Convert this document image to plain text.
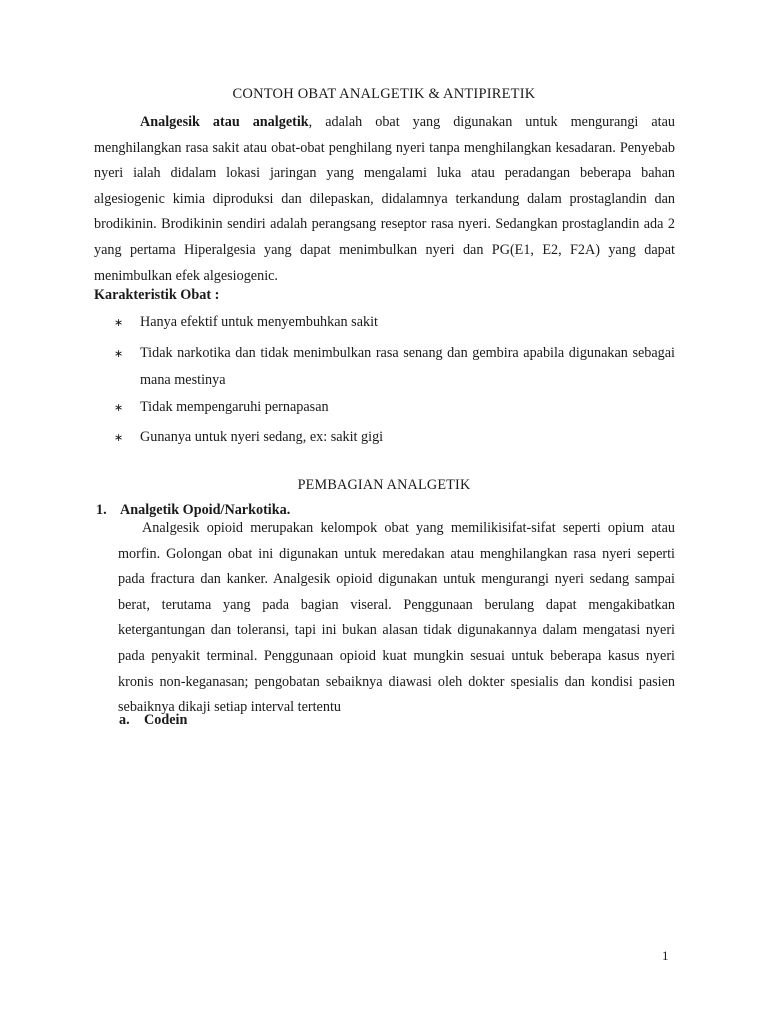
CONTOH OBAT ANALGETIK & ANTIPIRETIK

Analgesik atau analgetik, adalah obat yang digunakan untuk mengurangi atau menghilangkan rasa sakit atau obat-obat penghilang nyeri tanpa menghilangkan kesadaran. Penyebab nyeri ialah didalam lokasi jaringan yang mengalami luka atau peradangan beberapa bahan algesiogenic kimia diproduksi dan dilepaskan, didalamnya terkandung dalam prostaglandin dan brodikinin. Brodikinin sendiri adalah perangsang reseptor rasa nyeri. Sedangkan prostaglandin ada 2 yang pertama Hiperalgesia yang dapat menimbulkan nyeri dan PG(E1, E2, F2A) yang dapat menimbulkan efek algesiogenic.

Karakteristik Obat :
∗ Hanya efektif untuk menyembuhkan sakit
∗ Tidak narkotika dan tidak menimbulkan rasa senang dan gembira apabila digunakan sebagai mana mestinya
∗ Tidak mempengaruhi pernapasan
∗ Gunanya untuk nyeri sedang, ex: sakit gigi
PEMBAGIAN ANALGETIK
1. Analgetik Opoid/Narkotika.

Analgesik opioid merupakan kelompok obat yang memilikisifat-sifat seperti opium atau morfin. Golongan obat ini digunakan untuk meredakan atau menghilangkan rasa nyeri seperti pada fractura dan kanker. Analgesik opioid digunakan untuk mengurangi nyeri sedang sampai berat, terutama yang pada bagian viseral. Penggunaan berulang dapat mengakibatkan ketergantungan dan toleransi, tapi ini bukan alasan tidak digunakannya dalam mengatasi nyeri pada penyakit terminal. Penggunaan opioid kuat mungkin sesuai untuk beberapa kasus nyeri kronis non-keganasan; pengobatan sebaiknya diawasi oleh dokter spesialis dan kondisi pasien sebaiknya dikaji setiap interval tertentu

a. Codein
1
